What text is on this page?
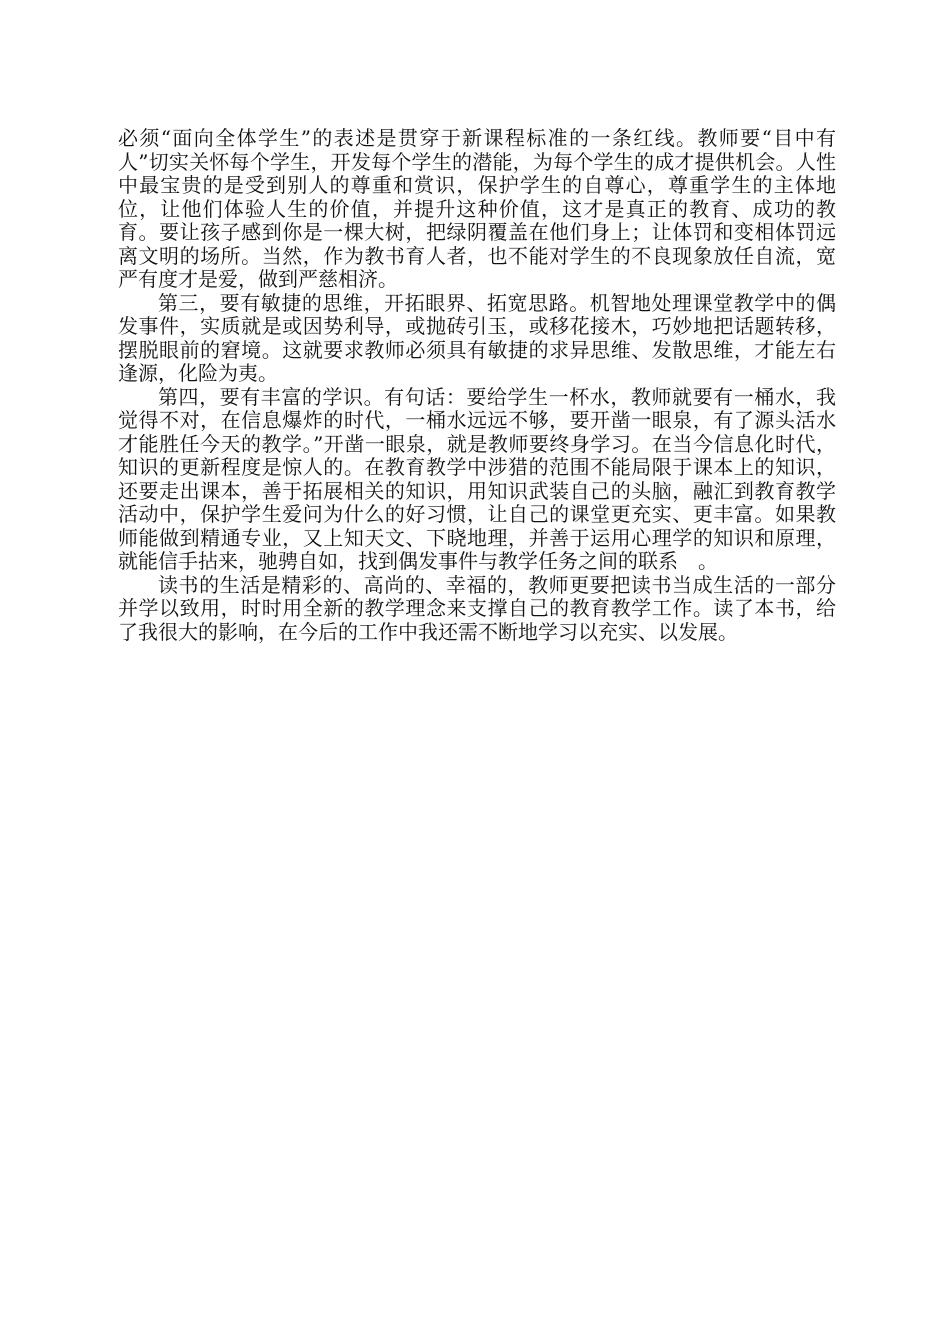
必须“面向全体学生”的表述是贯穿于新课程标准的一条红线。教师要“目中有人”切实关怀每个学生，开发每个学生的潜能，为每个学生的成才提供机会。人性中最宝贵的是受到别人的尊重和赏识，保护学生的自尊心，尊重学生的主体地位，让他们体验人生的价值，并提升这种价值，这才是真正的教育、成功的教育。要让孩子感到你是一棵大树，把绿阴覆盖在他们身上；让体罚和变相体罚远离文明的场所。当然，作为教书育人者，也不能对学生的不良现象放任自流，宽严有度才是爱，做到严慈相济。

第三，要有敏捷的思维，开拓眼界、拓宽思路。机智地处理课堂教学中的偶发事件，实质就是或因势利导，或抛砖引玉，或移花接木，巧妙地把话题转移，摆脱眼前的窘境。这就要求教师必须具有敏捷的求异思维、发散思维，才能左右逢源，化险为夷。

第四，要有丰富的学识。有句话：要给学生一杯水，教师就要有一桶水，我觉得不对，在信息爆炸的时代，一桶水远远不够，要开凿一眼泉，有了源头活水才能胜任今天的教学。”开凿一眼泉，就是教师要终身学习。在当今信息化时代，知识的更新程度是惊人的。在教育教学中涉猎的范围不能局限于课本上的知识，还要走出课本，善于拓展相关的知识，用知识武装自己的头脑，融汇到教育教学活动中，保护学生爱问为什么的好习惯，让自己的课堂更充实、更丰富。如果教师能做到精通专业，又上知天文、下晓地理，并善于运用心理学的知识和原理，就能信手拈来，驰骋自如，找到偶发事件与教学任务之间的联系　。

读书的生活是精彩的、高尚的、幸福的，教师更要把读书当成生活的一部分并学以致用，时时用全新的教学理念来支撑自己的教育教学工作。读了本书，给了我很大的影响，在今后的工作中我还需不断地学习以充实、以发展。
